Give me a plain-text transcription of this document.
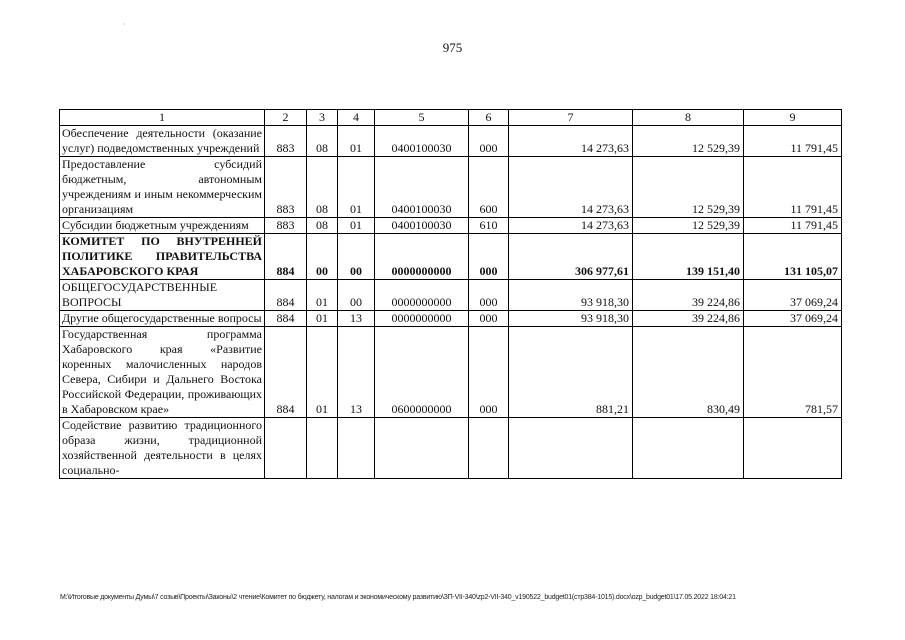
975
·
1	2	3	4	5	6	7	8	9
Обеспечение деятельности (оказание услуг) подведомственных учреждений	883	08	01	0400100030	000	14 273,63	12 529,39	11 791,45
Предоставление субсидий бюджетным, автономным учреждениям и иным некоммерческим организациям	883	08	01	0400100030	600	14 273,63	12 529,39	11 791,45
Субсидии бюджетным учреждениям	883	08	01	0400100030	610	14 273,63	12 529,39	11 791,45
КОМИТЕТ ПО ВНУТРЕННЕЙ ПОЛИТИКЕ ПРАВИТЕЛЬСТВА ХАБАРОВСКОГО КРАЯ	884	00	00	0000000000	000	306 977,61	139 151,40	131 105,07
ОБЩЕГОСУДАРСТВЕННЫЕ ВОПРОСЫ	884	01	00	0000000000	000	93 918,30	39 224,86	37 069,24
Другие общегосударственные вопросы	884	01	13	0000000000	000	93 918,30	39 224,86	37 069,24
Государственная программа Хабаровского края «Развитие коренных малочисленных народов Севера, Сибири и Дальнего Востока Российской Федерации, проживающих в Хабаровском крае»	884	01	13	0600000000	000	881,21	830,49	781,57
Содействие развитию традиционного образа жизни, традиционной хозяйственной деятельности в целях социально-								
M:\Итоговые документы Думы\7 созыв\Проекты\Законы\2 чтение\Комитет по бюджету, налогам и экономическому развитию\ЗП-VII-340\zp2-VII-340_v190522_budget01(стр384-1015).docx\ozp_budget01\17.05.2022 18:04:21
